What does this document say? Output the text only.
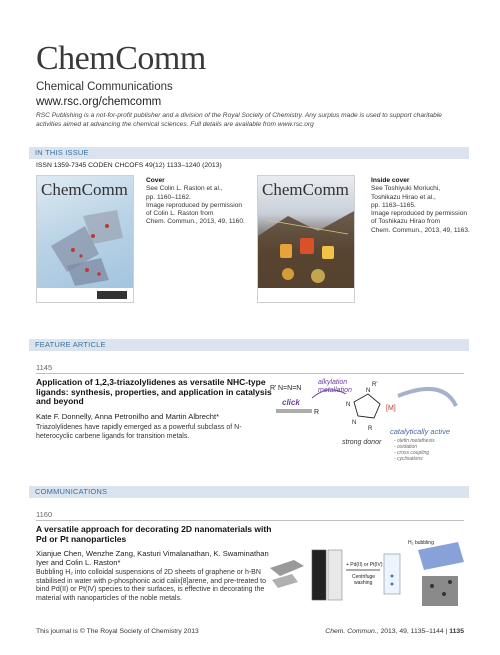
ChemComm
Chemical Communications
www.rsc.org/chemcomm
RSC Publishing is a not-for-profit publisher and a division of the Royal Society of Chemistry. Any surplus made is used to support charitable activities aimed at advancing the chemical sciences. Full details are available from www.rsc.org
IN THIS ISSUE
ISSN 1359-7345 CODEN CHCOFS 49(12) 1133–1240 (2013)
ChemComm	Cover
See Colin L. Raston et al.,
pp. 1160–1162.
Image reproduced by permission
of Colin L. Raston from
Chem. Commun., 2013, 49, 1160.
ChemComm	Inside cover
See Toshiyuki Moriuchi,
Toshikazu Hirao et al.,
pp. 1163–1165.
Image reproduced by permission
of Toshikazu Hirao from
Chem. Commun., 2013, 49, 1163.
FEATURE ARTICLE
1145
Application of 1,2,3-triazolylidenes as versatile NHC-type ligands: synthesis, properties, and application in catalysis and beyond
Kate F. Donnelly, Anna Petronilho and Martin Albrecht*
Triazolylidenes have rapidly emerged as a powerful subclass of N-heterocyclic carbene ligands for transition metals.
R' N=N=N
R
click
alkylation
metallation
N
N
N
R'
R
[M]
strong donor
catalytically active
- olefin metathesis
- oxidation
- cross coupling
- cyclisations
COMMUNICATIONS
1160
A versatile approach for decorating 2D nanomaterials with Pd or Pt nanoparticles
Xianjue Chen, Wenzhe Zang, Kasturi Vimalanathan, K. Swaminathan Iyer and Colin L. Raston*
Bubbling H₂ into colloidal suspensions of 2D sheets of graphene or h-BN stabilised in water with p-phosphonic acid calix[8]arene, and pre-treated to bind Pd(II) or Pt(IV) species to their surfaces, is effective in decorating the material with nanoparticles of the noble metals.
+ Pd(II) or Pt(IV)
Centrifuge
washing
H₂ bubbling
This journal is © The Royal Society of Chemistry 2013	Chem. Commun., 2013, 49, 1135–1144 | 1135
